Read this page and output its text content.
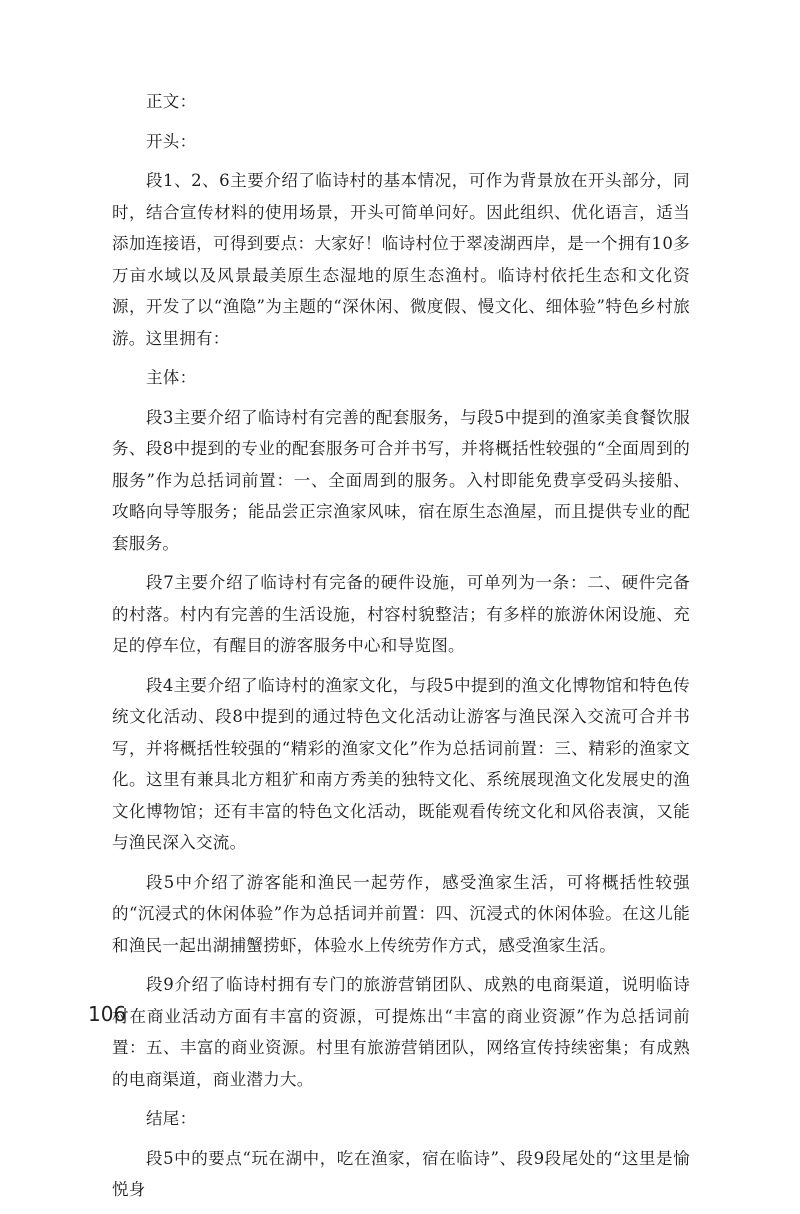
正文：

开头：

段1、2、6主要介绍了临诗村的基本情况，可作为背景放在开头部分，同时，结合宣传材料的使用场景，开头可简单问好。因此组织、优化语言，适当添加连接语，可得到要点：大家好！临诗村位于翠凌湖西岸，是一个拥有10多万亩水域以及风景最美原生态湿地的原生态渔村。临诗村依托生态和文化资源，开发了以“渔隐”为主题的“深休闲、微度假、慢文化、细体验”特色乡村旅游。这里拥有：

主体：

段3主要介绍了临诗村有完善的配套服务，与段5中提到的渔家美食餐饮服务、段8中提到的专业的配套服务可合并书写，并将概括性较强的“全面周到的服务”作为总括词前置：一、全面周到的服务。入村即能免费享受码头接船、攻略向导等服务；能品尝正宗渔家风味，宿在原生态渔屋，而且提供专业的配套服务。

段7主要介绍了临诗村有完备的硬件设施，可单列为一条：二、硬件完备的村落。村内有完善的生活设施，村容村貌整洁；有多样的旅游休闲设施、充足的停车位，有醒目的游客服务中心和导览图。

段4主要介绍了临诗村的渔家文化，与段5中提到的渔文化博物馆和特色传统文化活动、段8中提到的通过特色文化活动让游客与渔民深入交流可合并书写，并将概括性较强的“精彩的渔家文化”作为总括词前置：三、精彩的渔家文化。这里有兼具北方粗犷和南方秀美的独特文化、系统展现渔文化发展史的渔文化博物馆；还有丰富的特色文化活动，既能观看传统文化和风俗表演，又能与渔民深入交流。

段5中介绍了游客能和渔民一起劳作，感受渔家生活，可将概括性较强的“沉浸式的休闲体验”作为总括词并前置：四、沉浸式的休闲体验。在这儿能和渔民一起出湖捕蟹捞虾，体验水上传统劳作方式，感受渔家生活。

段9介绍了临诗村拥有专门的旅游营销团队、成熟的电商渠道，说明临诗村在商业活动方面有丰富的资源，可提炼出“丰富的商业资源”作为总括词前置：五、丰富的商业资源。村里有旅游营销团队，网络宣传持续密集；有成熟的电商渠道，商业潜力大。

结尾：

段5中的要点“玩在湖中，吃在渔家，宿在临诗”、段9段尾处的“这里是愉悦身

106
